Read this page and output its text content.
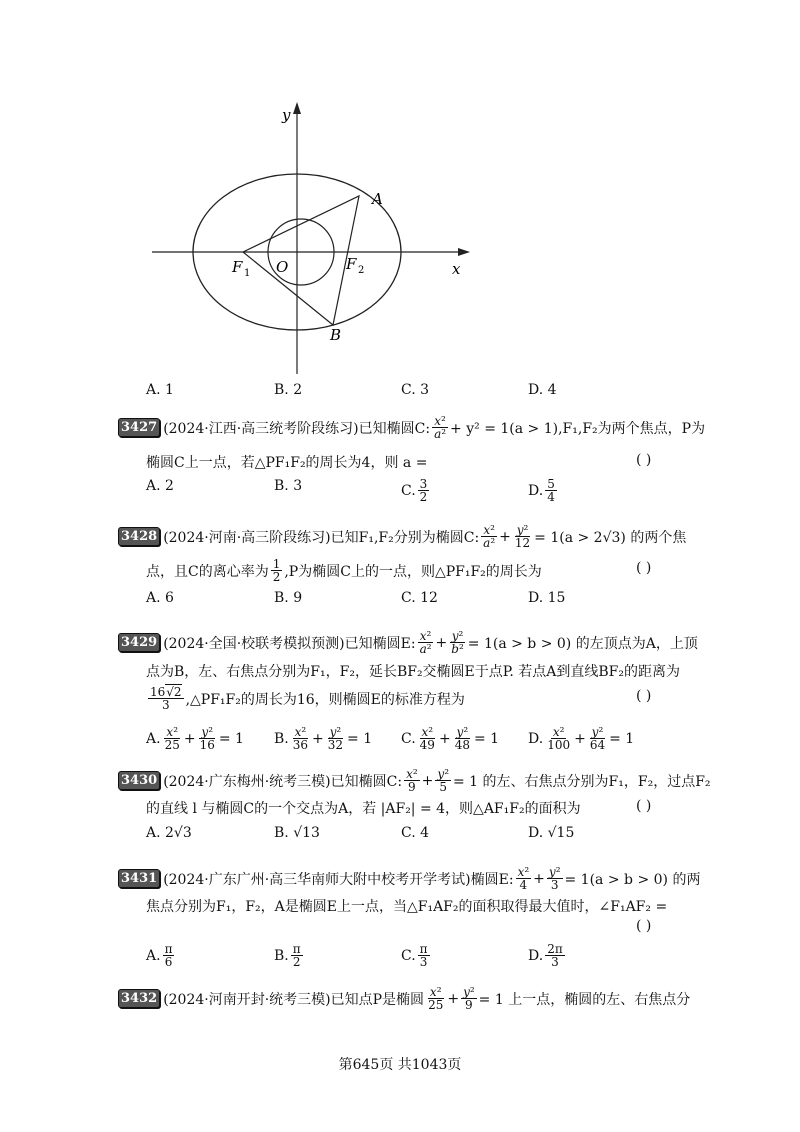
y
x
A
B
O
F 1
F 2
A. 1	B. 2	C. 3	D. 4
3427 (2024·江西·高三统考阶段练习)已知椭圆C: $\frac{\text{x²}}{\text{a²}} + y^2 = 1(a > 1),F_1,F_2$为两个焦点，P为
椭圆C上一点，若△PF₁F₂的周长为4，则 a =	( )
A. 2	B. 3	C. $\frac{3}{2}$	D. $\frac{5}{4}$
3428 (2024·河南·高三阶段练习)已知F₁,F₂分别为椭圆C: $\frac{\text{x²}}{\text{a²}} + \frac{\text{y²}}{12} = 1(a > 2√3)$ 的两个焦
点，且C的离心率为 $\frac{1}{2} ,P$为椭圆C上的一点，则△PF₁F₂的周长为	( )
A. 6	B. 9	C. 12	D. 15
3429 (2024·全国·校联考模拟预测)已知椭圆E: $\frac{\text{x²}}{\text{a²}} + \frac{\text{y²}}{\text{b²}} = 1(a > b > 0)$ 的左顶点为A，上顶
点为B，左、右焦点分别为F₁，F₂，延长BF₂交椭圆E于点P. 若点A到直线BF₂的距离为
$\frac{16√2}{3}$ ,△PF₁F₂的周长为16，则椭圆E的标准方程为	( )
A. $\frac{\text{x²}}{25} + \frac{\text{y²}}{16} = 1$ B. $\frac{\text{x²}}{36} + \frac{\text{y²}}{32} = 1$ C. $\frac{\text{x²}}{49} + \frac{\text{y²}}{48} = 1$ D. $\frac{\text{x²}}{100} + \frac{\text{y²}}{64} = 1$
3430 (2024·广东梅州·统考三模)已知椭圆C: $\frac{\text{x²}}{9} + \frac{\text{y²}}{5} = 1$ 的左、右焦点分别为F₁，F₂，过点F₂
的直线 l 与椭圆C的一个交点为A，若 |AF₂| = 4，则△AF₁F₂的面积为	( )
A. 2√3	B. √13	C. 4	D. √15
3431 (2024·广东广州·高三华南师大附中校考开学考试)椭圆E: $\frac{\text{x²}}{4} + \frac{\text{y²}}{3} = 1(a > b > 0)$ 的两
焦点分别为F₁，F₂，A是椭圆E上一点，当△F₁AF₂的面积取得最大值时，∠F₁AF₂ =
( )
A. $\frac{\pi}{6}$	B. $\frac{\pi}{2}$	C. $\frac{\pi}{3}$	D. $\frac{2\pi}{3}$
3432 (2024·河南开封·统考三模)已知点P是椭圆 $\frac{\text{x²}}{25} + \frac{\text{y²}}{9} = 1$ 上一点，椭圆的左、右焦点分
第645页 共1043页
